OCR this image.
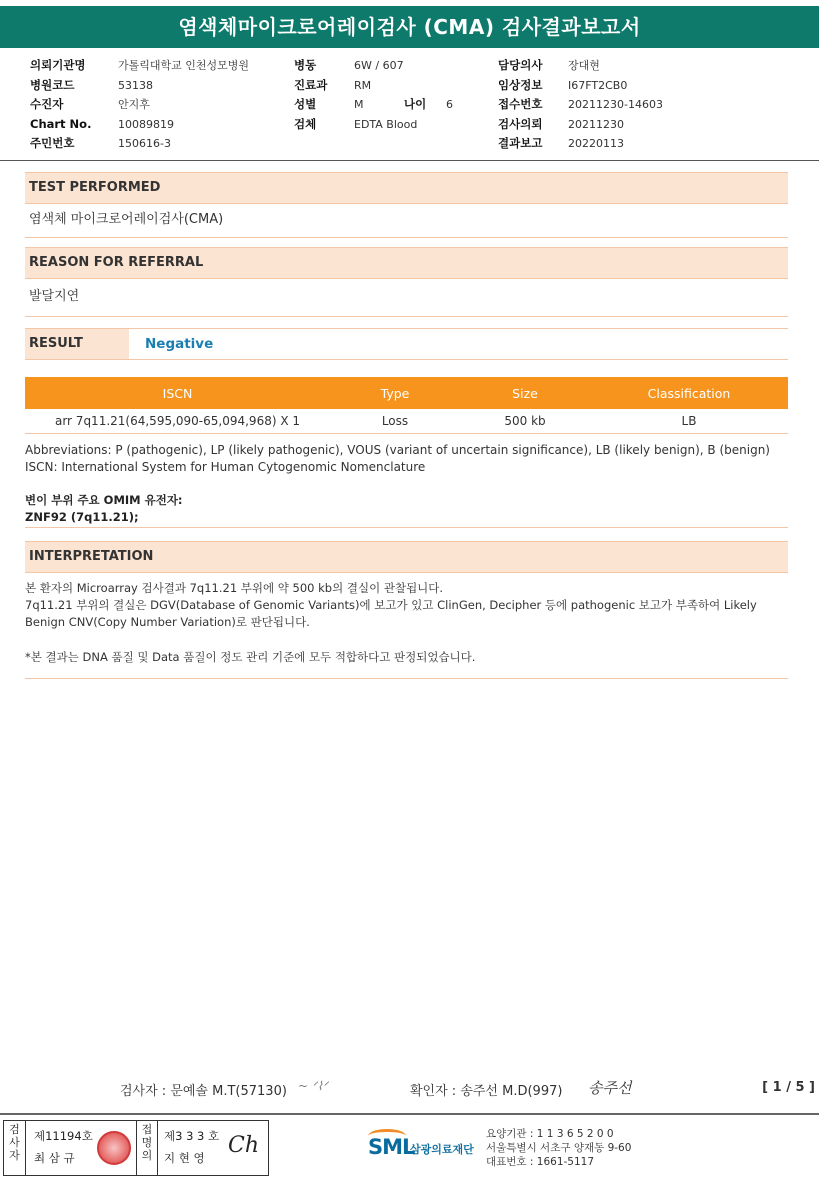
염색체마이크로어레이검사 (CMA) 검사결과보고서
의뢰기관명	가톨릭대학교 인천성모병원
병원코드	53138
수진자	안지후
Chart No. 10089819
주민번호	150616-3
병동	6W / 607
진료과 RM
성별	M	나이 6
검체	EDTA Blood
담당의사 장대현
임상정보 I67FT2CB0
접수번호 20211230-14603
검사의뢰 20211230
결과보고 20220113
TEST PERFORMED
염색체 마이크로어레이검사(CMA)
REASON FOR REFERRAL
발달지연
RESULT	Negative
ISCN	Type	Size	Classification
arr 7q11.21(64,595,090-65,094,968) X 1	Loss	500 kb	LB
Abbreviations: P (pathogenic), LP (likely pathogenic), VOUS (variant of uncertain significance), LB (likely benign), B (benign)
ISCN: International System for Human Cytogenomic Nomenclature
변이 부위 주요 OMIM 유전자:
ZNF92 (7q11.21);
INTERPRETATION
본 환자의 Microarray 검사결과 7q11.21 부위에 약 500 kb의 결실이 관찰됩니다.
7q11.21 부위의 결실은 DGV(Database of Genomic Variants)에 보고가 있고 ClinGen, Decipher 등에 pathogenic 보고가 부족하여 Likely
Benign CNV(Copy Number Variation)로 판단됩니다.
*본 결과는 DNA 품질 및 Data 품질이 정도 관리 기준에 모두 적합하다고 판정되었습니다.
검사자 : 문예솔 M.T(57130) ~ ᐟ⌇ᐟ	확인자 : 송주선 M.D(997) 송주선	[ 1 / 5 ]
검사자
제11194호
최 삼 규
접명의
제3 3 3 호
지 현 영	Ch	SML
삼광의료재단
요양기관 : 1 1 3 6 5 2 0 0
서울특별시 서초구 양재동 9-60
대표번호 : 1661-5117
